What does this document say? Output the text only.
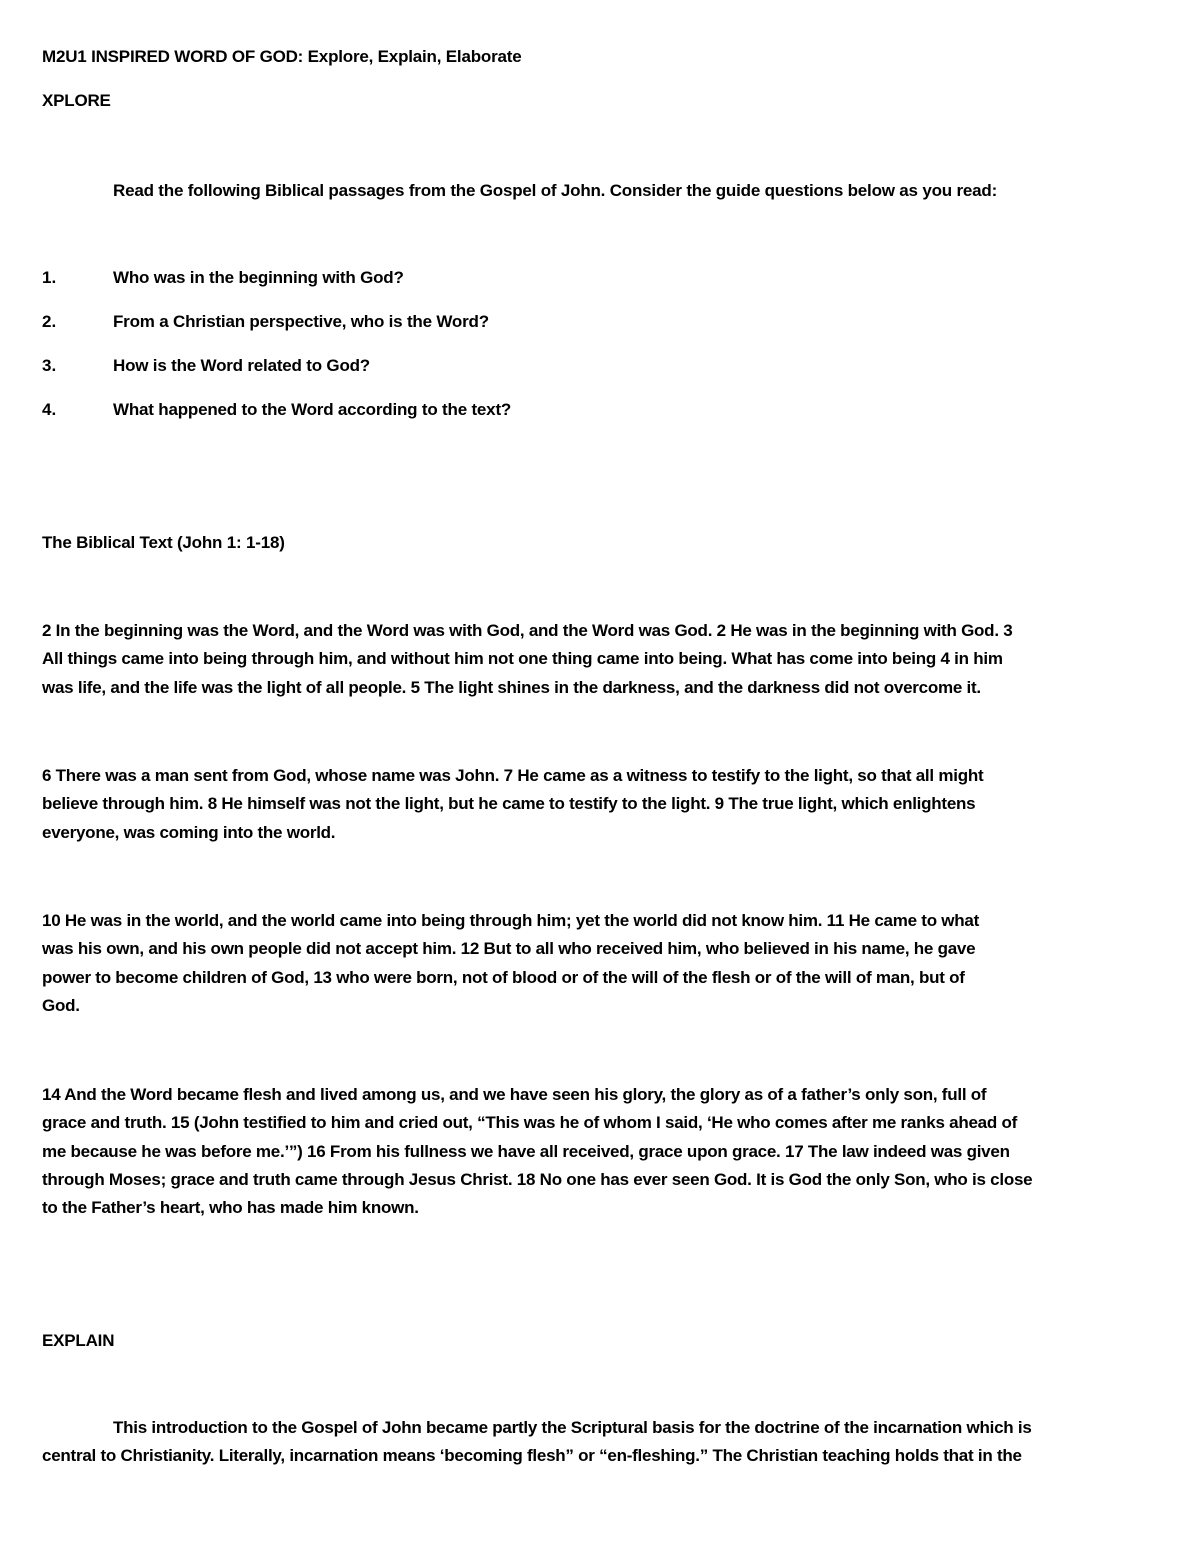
M2U1 INSPIRED WORD OF GOD: Explore, Explain, Elaborate
XPLORE
Read the following Biblical passages from the Gospel of John. Consider the guide questions below as you read:
1.	Who was in the beginning with God?
2.	From a Christian perspective, who is the Word?
3.	How is the Word related to God?
4.	What happened to the Word according to the text?
The Biblical Text (John 1: 1-18)
2 In the beginning was the Word, and the Word was with God, and the Word was God. 2 He was in the beginning with God. 3
All things came into being through him, and without him not one thing came into being. What has come into being 4 in him
was life, and the life was the light of all people. 5 The light shines in the darkness, and the darkness did not overcome it.
6 There was a man sent from God, whose name was John. 7 He came as a witness to testify to the light, so that all might
believe through him. 8 He himself was not the light, but he came to testify to the light. 9 The true light, which enlightens
everyone, was coming into the world.
10 He was in the world, and the world came into being through him; yet the world did not know him. 11 He came to what
was his own, and his own people did not accept him. 12 But to all who received him, who believed in his name, he gave
power to become children of God, 13 who were born, not of blood or of the will of the flesh or of the will of man, but of
God.
14 And the Word became flesh and lived among us, and we have seen his glory, the glory as of a father’s only son, full of
grace and truth. 15 (John testified to him and cried out, “This was he of whom I said, ‘He who comes after me ranks ahead of
me because he was before me.’”) 16 From his fullness we have all received, grace upon grace. 17 The law indeed was given
through Moses; grace and truth came through Jesus Christ. 18 No one has ever seen God. It is God the only Son, who is close
to the Father’s heart, who has made him known.
EXPLAIN
This introduction to the Gospel of John became partly the Scriptural basis for the doctrine of the incarnation which is
central to Christianity. Literally, incarnation means ‘becoming flesh” or “en-fleshing.” The Christian teaching holds that in the
